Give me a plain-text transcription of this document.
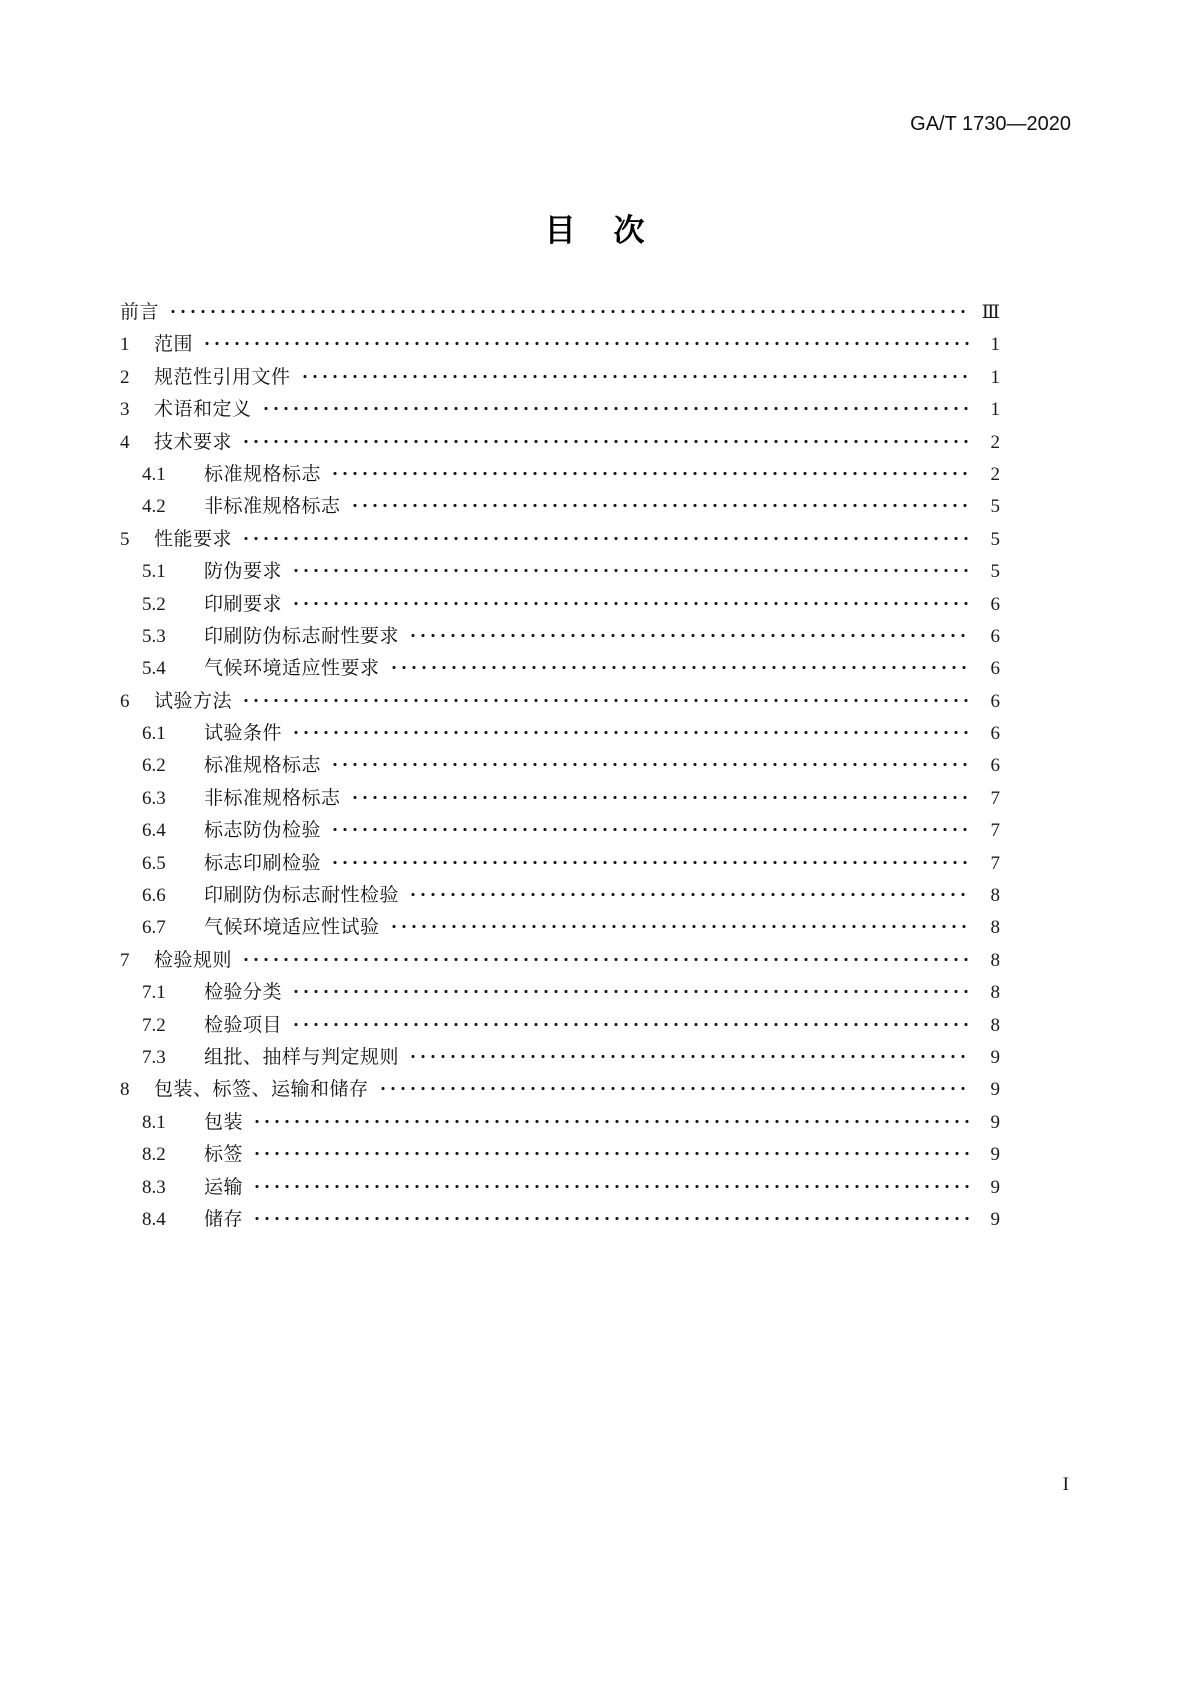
GA/T 1730—2020
目 次
前言	Ⅲ
1	范围	1
2	规范性引用文件	1
3	术语和定义	1
4	技术要求	2
4.1	标准规格标志	2
4.2	非标准规格标志	5
5	性能要求	5
5.1	防伪要求	5
5.2	印刷要求	6
5.3	印刷防伪标志耐性要求	6
5.4	气候环境适应性要求	6
6	试验方法	6
6.1	试验条件	6
6.2	标准规格标志	6
6.3	非标准规格标志	7
6.4	标志防伪检验	7
6.5	标志印刷检验	7
6.6	印刷防伪标志耐性检验	8
6.7	气候环境适应性试验	8
7	检验规则	8
7.1	检验分类	8
7.2	检验项目	8
7.3	组批、抽样与判定规则	9
8	包装、标签、运输和储存	9
8.1	包装	9
8.2	标签	9
8.3	运输	9
8.4	储存	9
I
